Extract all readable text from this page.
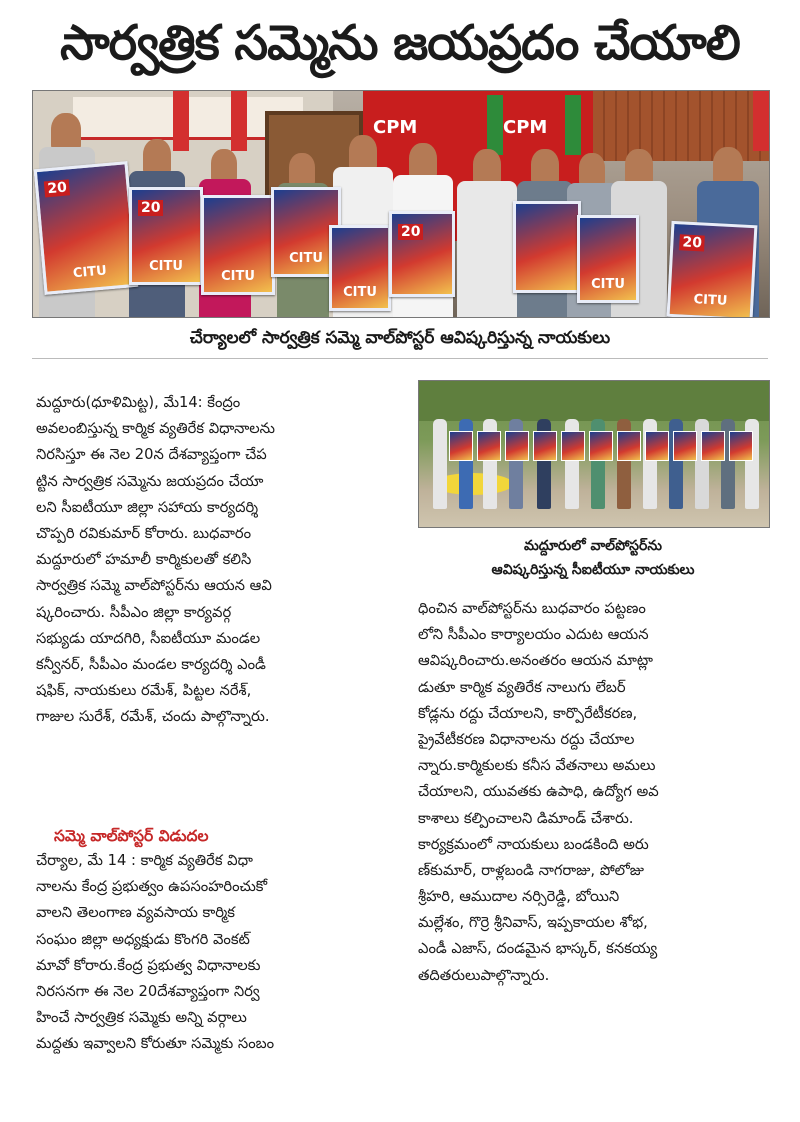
సార్వత్రిక సమ్మెను జయప్రదం చేయాలి
CPM	CPM
20
CITU
20
CITU
CITU
CITU
CITU
20
CITU
20
CITU
చేర్యాలలో సార్వత్రిక సమ్మె వాల్‌పోస్టర్ ఆవిష్కరిస్తున్న నాయకులు
మద్దూరు(ధూళిమిట్ట), మే14: కేంద్రం
అవలంబిస్తున్న కార్మిక వ్యతిరేక విధానాలను
నిరసిస్తూ ఈ నెల 20న దేశవ్యాప్తంగా చేప
ట్టిన సార్వత్రిక సమ్మెను జయప్రదం చేయా
లని సీఐటీయూ జిల్లా సహాయ కార్యదర్శి
చొప్పరి రవికుమార్ కోరారు. బుధవారం
మద్దూరులో హమాలీ కార్మికులతో కలిసి
సార్వత్రిక సమ్మె వాల్‌పోస్టర్‌ను ఆయన ఆవి
ష్కరించారు. సీపీఎం జిల్లా కార్యవర్గ
సభ్యుడు యాదగిరి, సీఐటీయూ మండల
కన్వీనర్, సీపీఎం మండల కార్యదర్శి ఎండీ
షఫిక్, నాయకులు రమేశ్, పిట్టల నరేశ్,
గాజుల సురేశ్, రమేశ్, చందు పాల్గొన్నారు.
సమ్మె వాల్‌పోస్టర్ విడుదల
చేర్యాల, మే 14 : కార్మిక వ్యతిరేక విధా
నాలను కేంద్ర ప్రభుత్వం ఉపసంహరించుకో
వాలని తెలంగాణ వ్యవసాయ కార్మిక
సంఘం జిల్లా అధ్యక్షుడు కొంగరి వెంకట్
మావో కోరారు.కేంద్ర ప్రభుత్వ విధానాలకు
నిరసనగా ఈ నెల 20దేశవ్యాప్తంగా నిర్వ
హించే సార్వత్రిక సమ్మెకు అన్ని వర్గాలు
మద్దతు ఇవ్వాలని కోరుతూ సమ్మెకు సంబం
మద్దూరులో వాల్‌పోస్టర్‌ను
ఆవిష్కరిస్తున్న సీఐటీయూ నాయకులు
ధించిన వాల్‌పోస్టర్‌ను బుధవారం పట్టణం
లోని సీపీఎం కార్యాలయం ఎదుట ఆయన
ఆవిష్కరించారు.అనంతరం ఆయన మాట్లా
డుతూ కార్మిక వ్యతిరేక నాలుగు లేబర్
కోడ్లను రద్దు చేయాలని, కార్పొరేటీకరణ,
ప్రైవేటీకరణ విధానాలను రద్దు చేయాల
న్నారు.కార్మికులకు కనీస వేతనాలు అమలు
చేయాలని, యువతకు ఉపాధి, ఉద్యోగ అవ
కాశాలు కల్పించాలని డిమాండ్ చేశారు.
కార్యక్రమంలో నాయకులు బండకింది అరు
ణ్‌కుమార్, రాళ్లబండి నాగరాజు, పోలోజు
శ్రీహరి, ఆముదాల నర్సిరెడ్డి, బోయిని
మల్లేశం, గొర్రె శ్రీనివాస్, ఇప్పకాయల శోభ,
ఎండీ ఎజాస్, దండమైన భాస్కర్, కనకయ్య
తదితరులుపాల్గొన్నారు.
